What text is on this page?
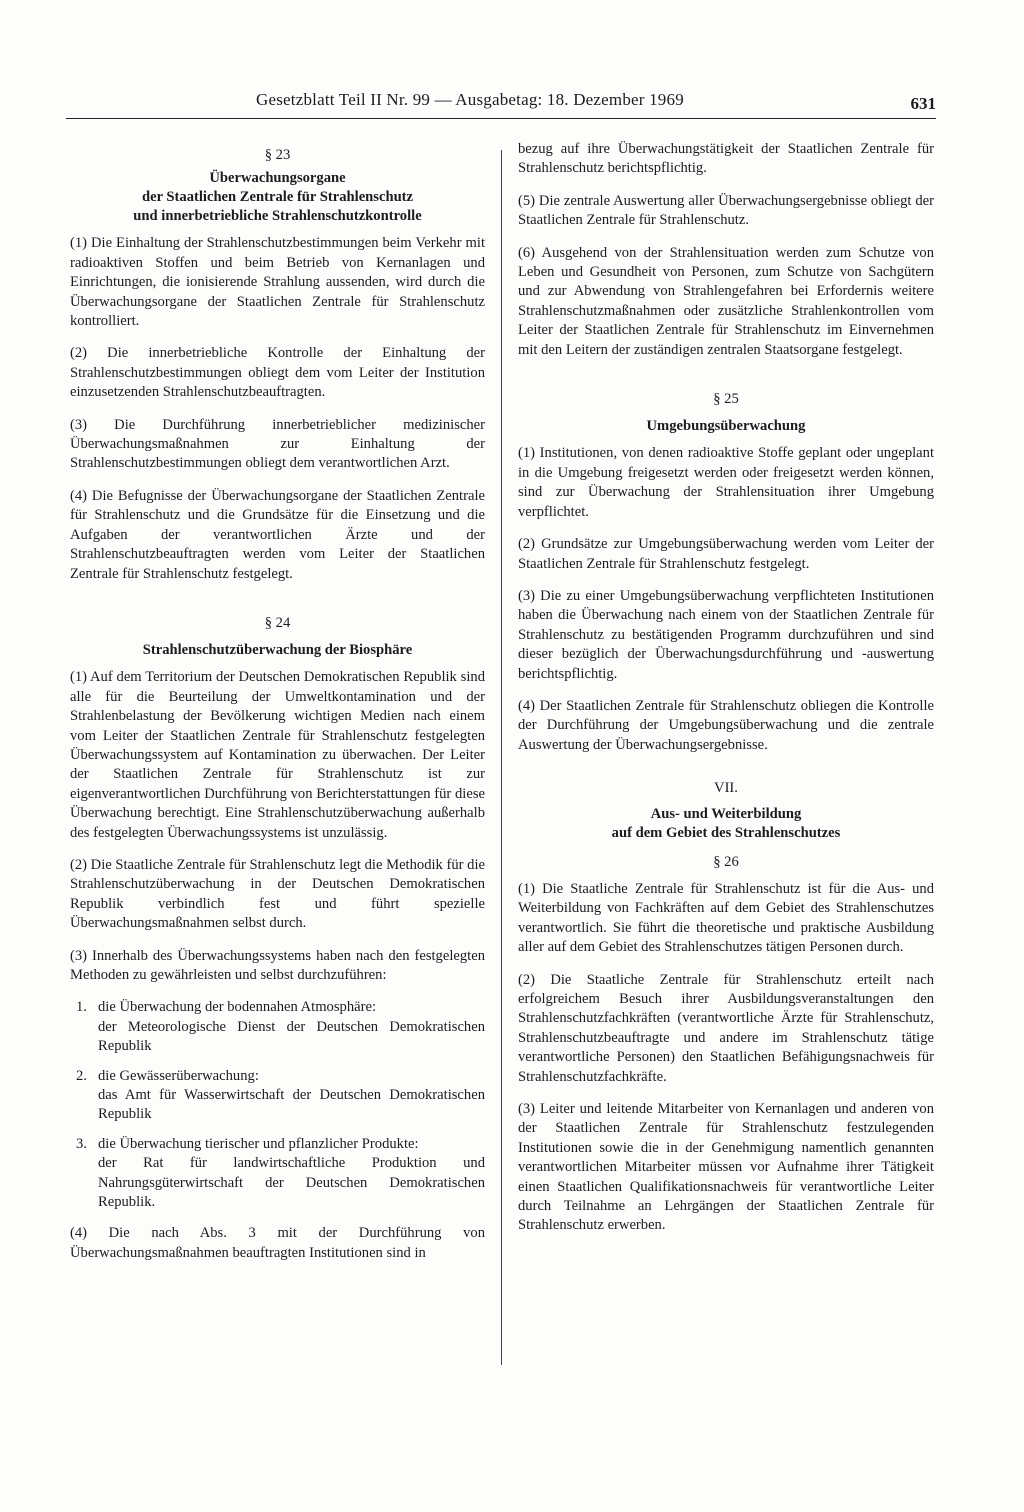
Gesetzblatt Teil II Nr. 99 — Ausgabetag: 18. Dezember 1969	631
§ 23
Überwachungsorgane
der Staatlichen Zentrale für Strahlenschutz
und innerbetriebliche Strahlenschutzkontrolle

(1) Die Einhaltung der Strahlenschutzbestimmungen beim Verkehr mit radioaktiven Stoffen und beim Betrieb von Kernanlagen und Einrichtungen, die ionisierende Strahlung aussenden, wird durch die Überwachungsorgane der Staatlichen Zentrale für Strahlenschutz kontrolliert.

(2) Die innerbetriebliche Kontrolle der Einhaltung der Strahlenschutzbestimmungen obliegt dem vom Leiter der Institution einzusetzenden Strahlenschutzbeauftragten.

(3) Die Durchführung innerbetrieblicher medizinischer Überwachungsmaßnahmen zur Einhaltung der Strahlenschutzbestimmungen obliegt dem verantwortlichen Arzt.

(4) Die Befugnisse der Überwachungsorgane der Staatlichen Zentrale für Strahlenschutz und die Grundsätze für die Einsetzung und die Aufgaben der verantwortlichen Ärzte und der Strahlenschutzbeauftragten werden vom Leiter der Staatlichen Zentrale für Strahlenschutz festgelegt.

§ 24
Strahlenschutzüberwachung der Biosphäre

(1) Auf dem Territorium der Deutschen Demokratischen Republik sind alle für die Beurteilung der Umweltkontamination und der Strahlenbelastung der Bevölkerung wichtigen Medien nach einem vom Leiter der Staatlichen Zentrale für Strahlenschutz festgelegten Überwachungssystem auf Kontamination zu überwachen. Der Leiter der Staatlichen Zentrale für Strahlenschutz ist zur eigenverantwortlichen Durchführung von Berichterstattungen für diese Überwachung berechtigt. Eine Strahlenschutzüberwachung außerhalb des festgelegten Überwachungssystems ist unzulässig.

(2) Die Staatliche Zentrale für Strahlenschutz legt die Methodik für die Strahlenschutzüberwachung in der Deutschen Demokratischen Republik verbindlich fest und führt spezielle Überwachungsmaßnahmen selbst durch.

(3) Innerhalb des Überwachungssystems haben nach den festgelegten Methoden zu gewährleisten und selbst durchzuführen:

1. die Überwachung der bodennahen Atmosphäre:
der Meteorologische Dienst der Deutschen Demokratischen Republik
2. die Gewässerüberwachung:
das Amt für Wasserwirtschaft der Deutschen Demokratischen Republik
3. die Überwachung tierischer und pflanzlicher Produkte:
der Rat für landwirtschaftliche Produktion und Nahrungsgüterwirtschaft der Deutschen Demokratischen Republik.

(4) Die nach Abs. 3 mit der Durchführung von Überwachungsmaßnahmen beauftragten Institutionen sind in

bezug auf ihre Überwachungstätigkeit der Staatlichen Zentrale für Strahlenschutz berichtspflichtig.

(5) Die zentrale Auswertung aller Überwachungsergebnisse obliegt der Staatlichen Zentrale für Strahlenschutz.

(6) Ausgehend von der Strahlensituation werden zum Schutze von Leben und Gesundheit von Personen, zum Schutze von Sachgütern und zur Abwendung von Strahlengefahren bei Erfordernis weitere Strahlenschutzmaßnahmen oder zusätzliche Strahlenkontrollen vom Leiter der Staatlichen Zentrale für Strahlenschutz im Einvernehmen mit den Leitern der zuständigen zentralen Staatsorgane festgelegt.

§ 25
Umgebungsüberwachung

(1) Institutionen, von denen radioaktive Stoffe geplant oder ungeplant in die Umgebung freigesetzt werden oder freigesetzt werden können, sind zur Überwachung der Strahlensituation ihrer Umgebung verpflichtet.

(2) Grundsätze zur Umgebungsüberwachung werden vom Leiter der Staatlichen Zentrale für Strahlenschutz festgelegt.

(3) Die zu einer Umgebungsüberwachung verpflichteten Institutionen haben die Überwachung nach einem von der Staatlichen Zentrale für Strahlenschutz zu bestätigenden Programm durchzuführen und sind dieser bezüglich der Überwachungsdurchführung und -auswertung berichtspflichtig.

(4) Der Staatlichen Zentrale für Strahlenschutz obliegen die Kontrolle der Durchführung der Umgebungsüberwachung und die zentrale Auswertung der Überwachungsergebnisse.

VII.
Aus- und Weiterbildung
auf dem Gebiet des Strahlenschutzes
§ 26

(1) Die Staatliche Zentrale für Strahlenschutz ist für die Aus- und Weiterbildung von Fachkräften auf dem Gebiet des Strahlenschutzes verantwortlich. Sie führt die theoretische und praktische Ausbildung aller auf dem Gebiet des Strahlenschutzes tätigen Personen durch.

(2) Die Staatliche Zentrale für Strahlenschutz erteilt nach erfolgreichem Besuch ihrer Ausbildungsveranstaltungen den Strahlenschutzfachkräften (verantwortliche Ärzte für Strahlenschutz, Strahlenschutzbeauftragte und andere im Strahlenschutz tätige verantwortliche Personen) den Staatlichen Befähigungsnachweis für Strahlenschutzfachkräfte.

(3) Leiter und leitende Mitarbeiter von Kernanlagen und anderen von der Staatlichen Zentrale für Strahlenschutz festzulegenden Institutionen sowie die in der Genehmigung namentlich genannten verantwortlichen Mitarbeiter müssen vor Aufnahme ihrer Tätigkeit einen Staatlichen Qualifikationsnachweis für verantwortliche Leiter durch Teilnahme an Lehrgängen der Staatlichen Zentrale für Strahlenschutz erwerben.
